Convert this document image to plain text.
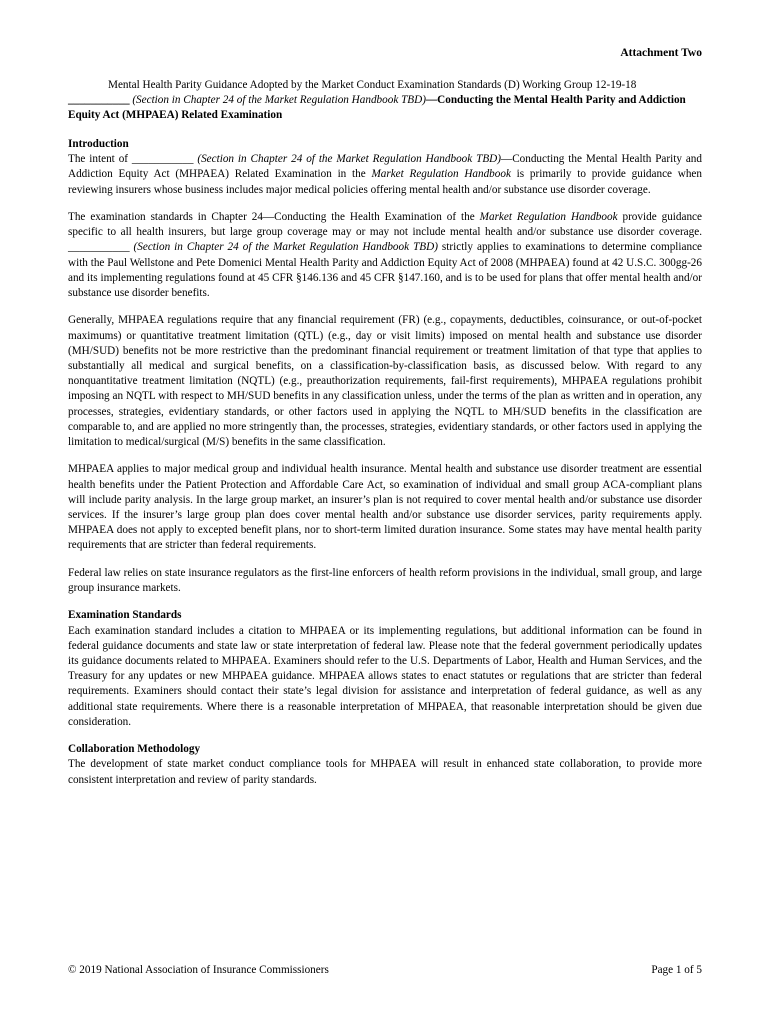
Attachment Two
Mental Health Parity Guidance Adopted by the Market Conduct Examination Standards (D) Working Group 12-19-18
___________ (Section in Chapter 24 of the Market Regulation Handbook TBD)—Conducting the Mental Health Parity and Addiction Equity Act (MHPAEA) Related Examination
Introduction
The intent of ___________ (Section in Chapter 24 of the Market Regulation Handbook TBD)—Conducting the Mental Health Parity and Addiction Equity Act (MHPAEA) Related Examination in the Market Regulation Handbook is primarily to provide guidance when reviewing insurers whose business includes major medical policies offering mental health and/or substance use disorder coverage.
The examination standards in Chapter 24—Conducting the Health Examination of the Market Regulation Handbook provide guidance specific to all health insurers, but large group coverage may or may not include mental health and/or substance use disorder coverage. ___________ (Section in Chapter 24 of the Market Regulation Handbook TBD) strictly applies to examinations to determine compliance with the Paul Wellstone and Pete Domenici Mental Health Parity and Addiction Equity Act of 2008 (MHPAEA) found at 42 U.S.C. 300gg-26 and its implementing regulations found at 45 CFR §146.136 and 45 CFR §147.160, and is to be used for plans that offer mental health and/or substance use disorder benefits.
Generally, MHPAEA regulations require that any financial requirement (FR) (e.g., copayments, deductibles, coinsurance, or out-of-pocket maximums) or quantitative treatment limitation (QTL) (e.g., day or visit limits) imposed on mental health and substance use disorder (MH/SUD) benefits not be more restrictive than the predominant financial requirement or treatment limitation of that type that applies to substantially all medical and surgical benefits, on a classification-by-classification basis, as discussed below. With regard to any nonquantitative treatment limitation (NQTL) (e.g., preauthorization requirements, fail-first requirements), MHPAEA regulations prohibit imposing an NQTL with respect to MH/SUD benefits in any classification unless, under the terms of the plan as written and in operation, any processes, strategies, evidentiary standards, or other factors used in applying the NQTL to MH/SUD benefits in the classification are comparable to, and are applied no more stringently than, the processes, strategies, evidentiary standards, or other factors used in applying the limitation to medical/surgical (M/S) benefits in the same classification.
MHPAEA applies to major medical group and individual health insurance. Mental health and substance use disorder treatment are essential health benefits under the Patient Protection and Affordable Care Act, so examination of individual and small group ACA-compliant plans will include parity analysis. In the large group market, an insurer’s plan is not required to cover mental health and/or substance use disorder services. If the insurer’s large group plan does cover mental health and/or substance use disorder services, parity requirements apply. MHPAEA does not apply to excepted benefit plans, nor to short-term limited duration insurance. Some states may have mental health parity requirements that are stricter than federal requirements.
Federal law relies on state insurance regulators as the first-line enforcers of health reform provisions in the individual, small group, and large group insurance markets.
Examination Standards
Each examination standard includes a citation to MHPAEA or its implementing regulations, but additional information can be found in federal guidance documents and state law or state interpretation of federal law. Please note that the federal government periodically updates its guidance documents related to MHPAEA. Examiners should refer to the U.S. Departments of Labor, Health and Human Services, and the Treasury for any updates or new MHPAEA guidance. MHPAEA allows states to enact statutes or regulations that are stricter than federal requirements. Examiners should contact their state’s legal division for assistance and interpretation of federal guidance, as well as any additional state requirements. Where there is a reasonable interpretation of MHPAEA, that reasonable interpretation should be given due consideration.
Collaboration Methodology
The development of state market conduct compliance tools for MHPAEA will result in enhanced state collaboration, to provide more consistent interpretation and review of parity standards.
© 2019 National Association of Insurance Commissioners	Page 1 of 5
